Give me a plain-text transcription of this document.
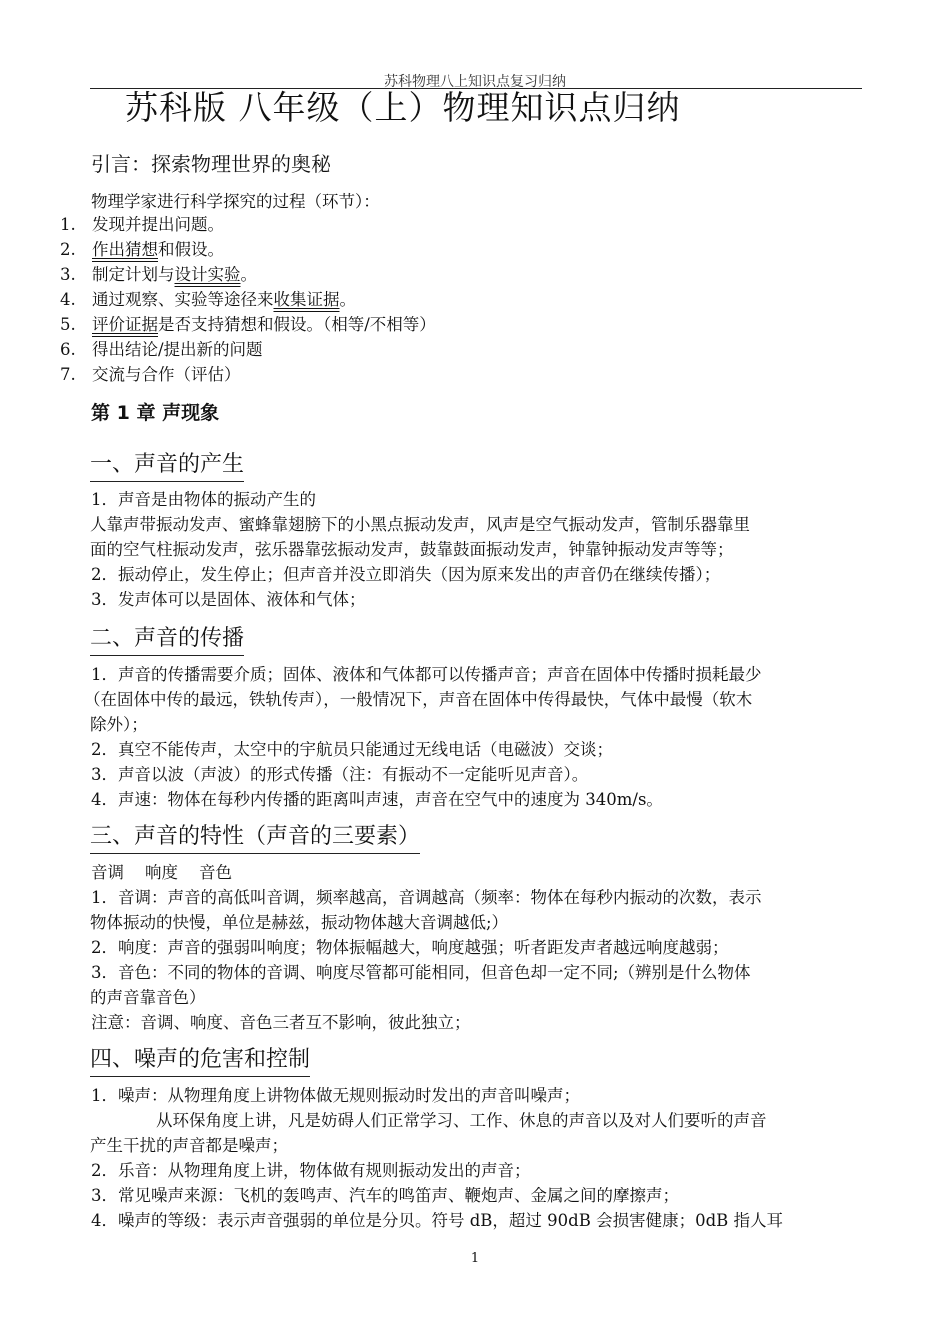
苏科物理八上知识点复习归纳
苏科版 八年级（上）物理知识点归纳
引言：探索物理世界的奥秘
物理学家进行科学探究的过程（环节）：
1. 发现并提出问题。
2. 作出猜想和假设。
3. 制定计划与设计实验。
4. 通过观察、实验等途径来收集证据。
5. 评价证据是否支持猜想和假设。（相等/不相等）
6. 得出结论/提出新的问题
7. 交流与合作（评估）
第 1 章 声现象
一、声音的产生
1．声音是由物体的振动产生的
人靠声带振动发声、蜜蜂靠翅膀下的小黑点振动发声，风声是空气振动发声，管制乐器靠里
面的空气柱振动发声，弦乐器靠弦振动发声，鼓靠鼓面振动发声，钟靠钟振动发声等等；
2．振动停止，发生停止；但声音并没立即消失（因为原来发出的声音仍在继续传播）；
3．发声体可以是固体、液体和气体；
二、声音的传播
1．声音的传播需要介质；固体、液体和气体都可以传播声音；声音在固体中传播时损耗最少
（在固体中传的最远，铁轨传声），一般情况下，声音在固体中传得最快，气体中最慢（软木
除外）；
2．真空不能传声，太空中的宇航员只能通过无线电话（电磁波）交谈；
3．声音以波（声波）的形式传播（注：有振动不一定能听见声音）。
4．声速：物体在每秒内传播的距离叫声速，声音在空气中的速度为 340m/s。
三、声音的特性（声音的三要素）
音调    响度    音色
1．音调：声音的高低叫音调，频率越高，音调越高（频率：物体在每秒内振动的次数，表示
物体振动的快慢，单位是赫兹，振动物体越大音调越低;）
2．响度：声音的强弱叫响度；物体振幅越大，响度越强；听者距发声者越远响度越弱；
3．音色：不同的物体的音调、响度尽管都可能相同，但音色却一定不同;（辨别是什么物体
的声音靠音色）
注意：音调、响度、音色三者互不影响，彼此独立；
四、噪声的危害和控制
1．噪声：从物理角度上讲物体做无规则振动时发出的声音叫噪声；
从环保角度上讲，凡是妨碍人们正常学习、工作、休息的声音以及对人们要听的声音
产生干扰的声音都是噪声；
2．乐音：从物理角度上讲，物体做有规则振动发出的声音；
3．常见噪声来源：飞机的轰鸣声、汽车的鸣笛声、鞭炮声、金属之间的摩擦声；
4．噪声的等级：表示声音强弱的单位是分贝。符号 dB，超过 90dB 会损害健康；0dB 指人耳
1
